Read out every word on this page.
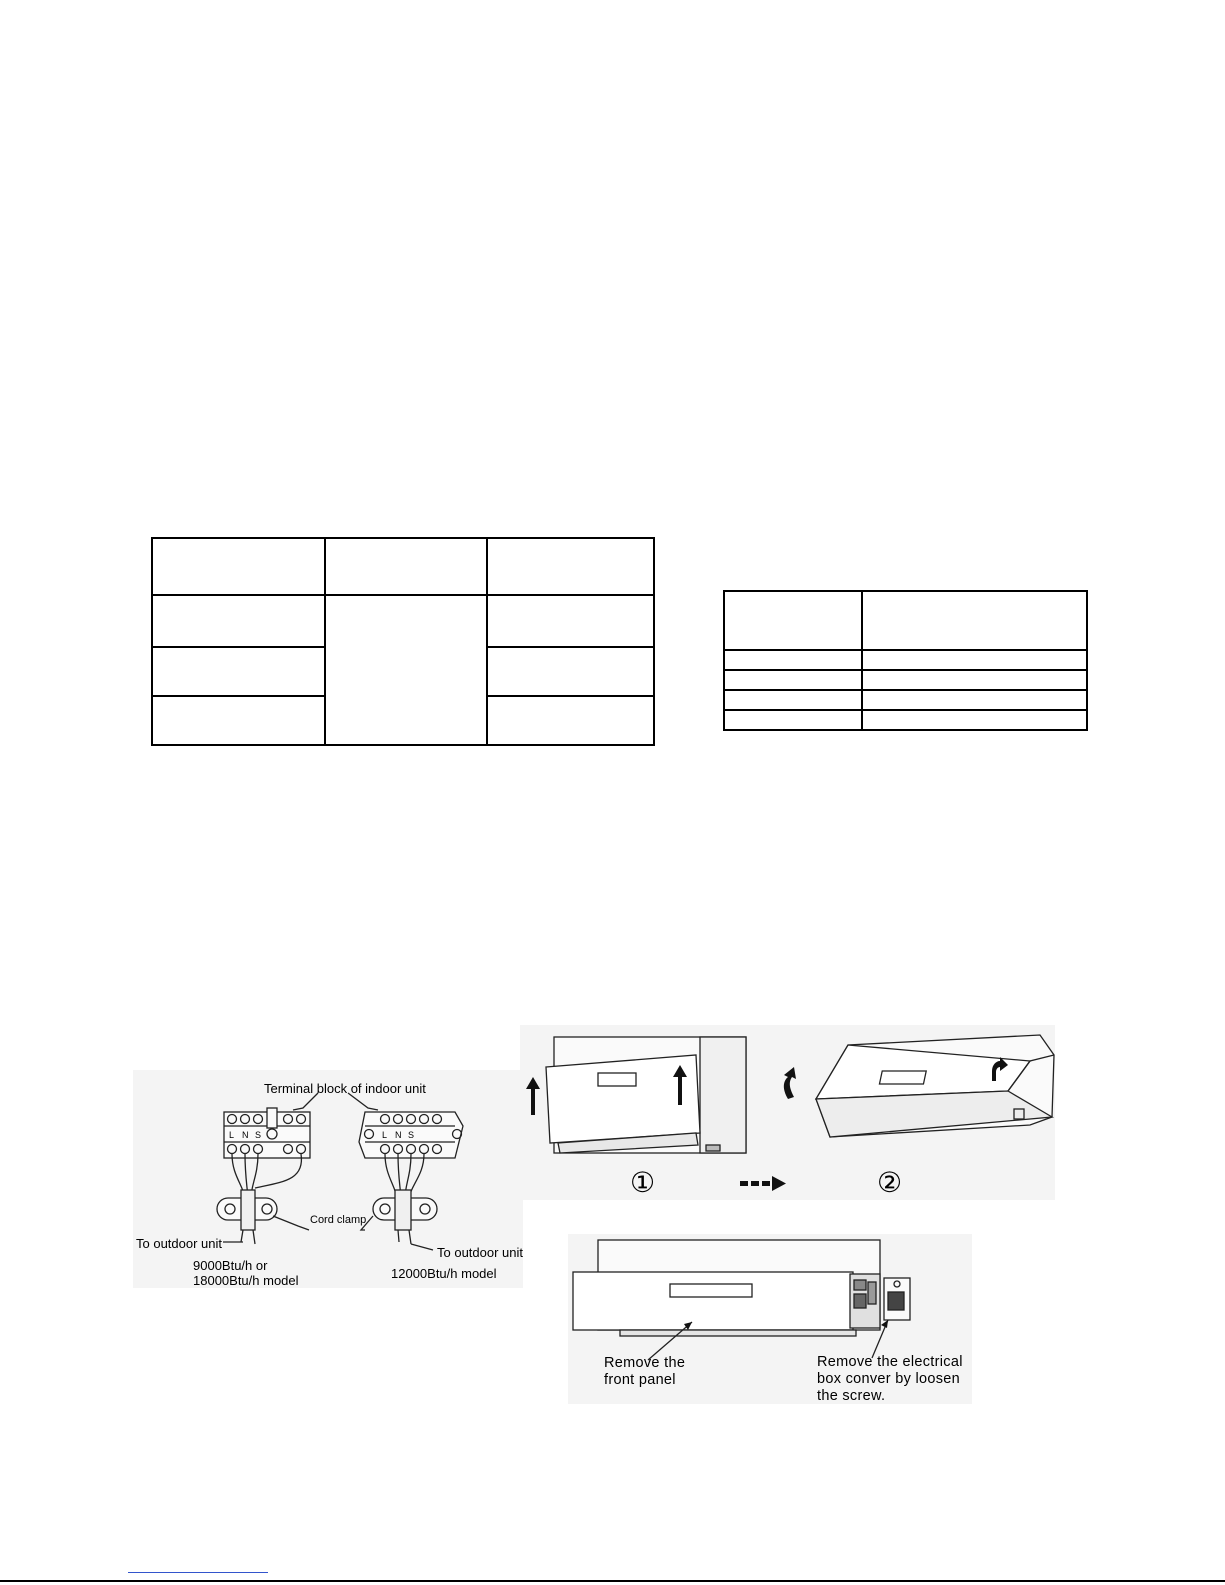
Terminal block of indoor unit
L N S	L N S
Cord clamp
To outdoor unit
To outdoor unit
9000Btu/h or
18000Btu/h model	12000Btu/h model
①	②
Remove the
front panel
Remove the electrical
box conver by loosen
the screw.
